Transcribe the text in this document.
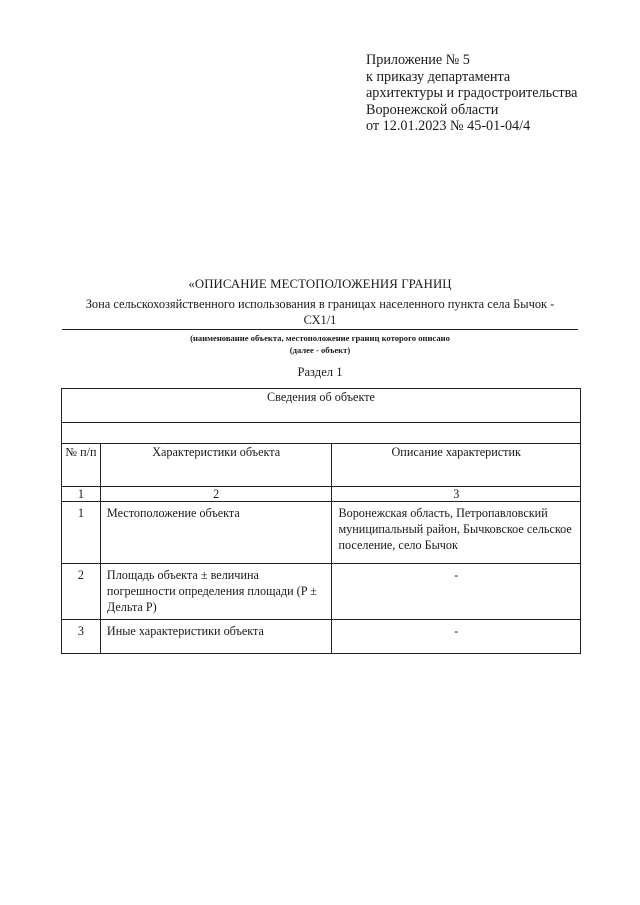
Приложение № 5
к приказу департамента
архитектуры и градостроительства
Воронежской области
от 12.01.2023 № 45-01-04/4
«ОПИСАНИЕ МЕСТОПОЛОЖЕНИЯ ГРАНИЦ
Зона сельскохозяйственного использования в границах населенного пункта села Бычок -
СХ1/1
(наименование объекта, местоположение границ которого описано
(далее - объект)
Раздел 1
Сведения об объекте		

№ п/п	Характеристики объекта	Описание характеристик
1	2	3
1	Местоположение объекта	Воронежская область, Петропавловский муниципальный район, Бычковское сельское поселение, село Бычок
2	Площадь объекта ± величина погрешности определения площади (P ± Дельта P)	-
3	Иные характеристики объекта	-
